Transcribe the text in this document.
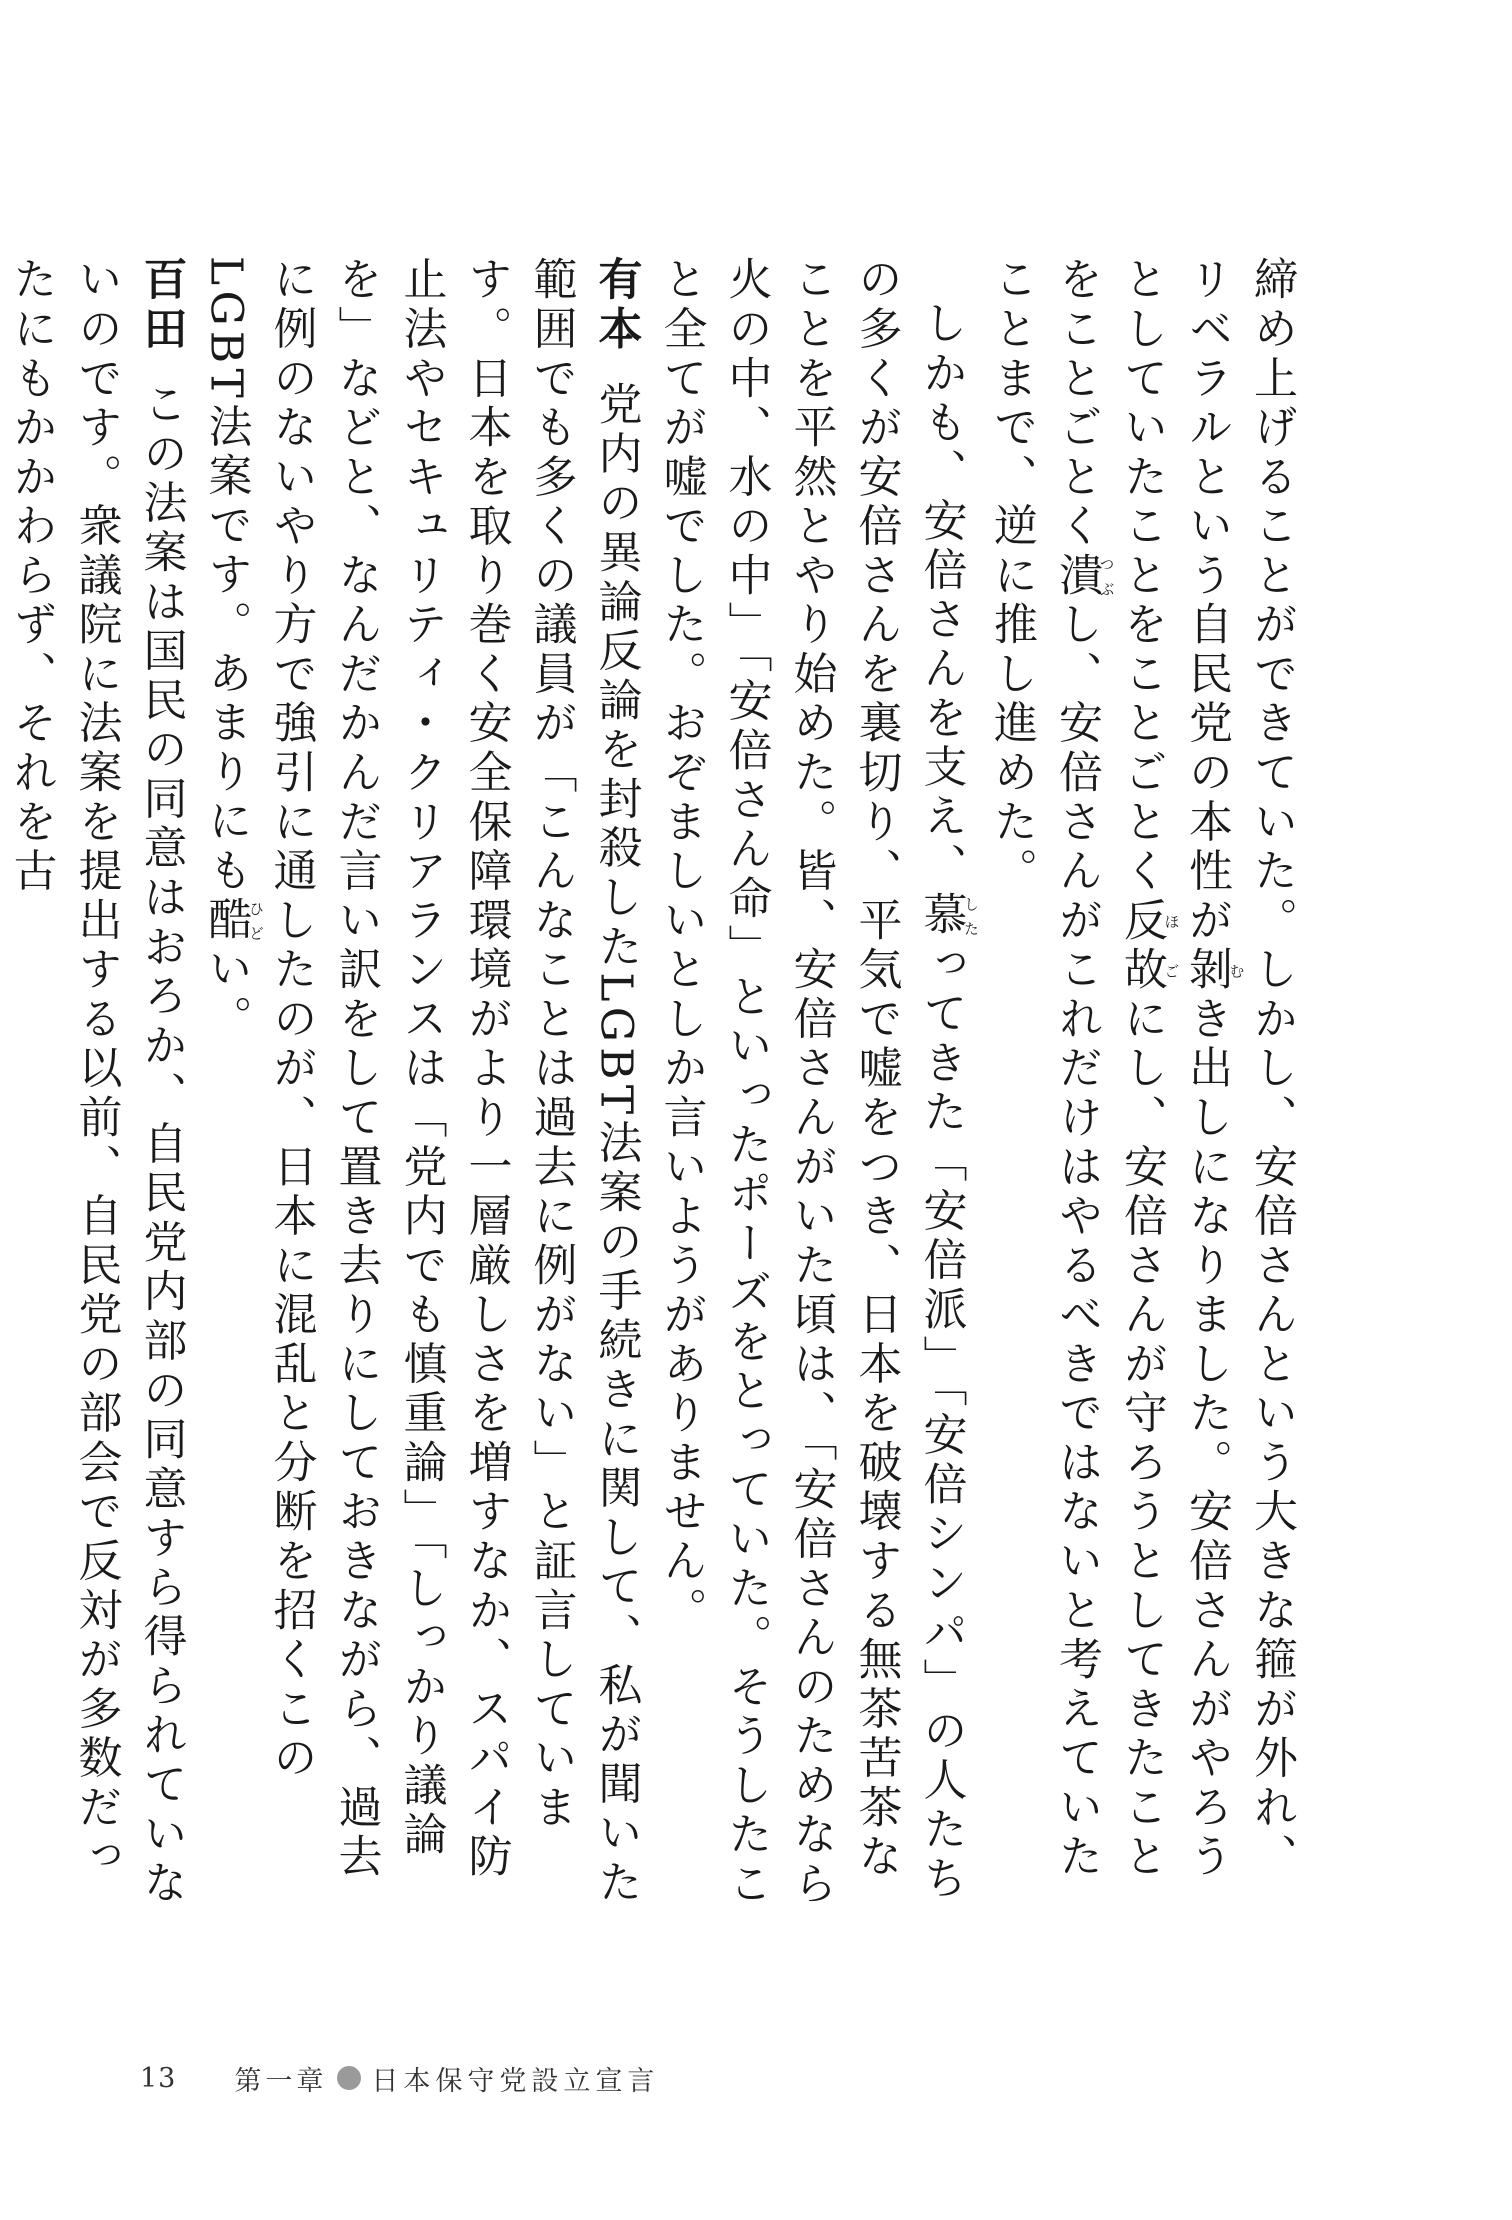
締め上げることができていた。しかし、安倍さんという大きな箍が外れ、リベラルという自民党の本性が剝むき出しになりました。安倍さんがやろうとしていたことをことごとく反ほ故ごにし、安倍さんが守ろうとしてきたことをことごとく潰つぶし、安倍さんがこれだけはやるべきではないと考えていたことまで、逆に推し進めた。
しかも、安倍さんを支え、慕したってきた「安倍派」「安倍シンパ」の人たちの多くが安倍さんを裏切り、平気で嘘をつき、日本を破壊する無茶苦茶なことを平然とやり始めた。皆、安倍さんがいた頃は、「安倍さんのためなら火の中、水の中」「安倍さん命」といったポーズをとっていた。そうしたこと全てが嘘でした。おぞましいとしか言いようがありません。
有本党内の異論反論を封殺したLGBT法案の手続きに関して、私が聞いた範囲でも多くの議員が「こんなことは過去に例がない」と証言しています。日本を取り巻く安全保障環境がより一層厳しさを増すなか、スパイ防止法やセキュリティ・クリアランスは「党内でも慎重論」「しっかり議論を」などと、なんだかんだ言い訳をして置き去りにしておきながら、過去に例のないやり方で強引に通したのが、日本に混乱と分断を招くこのLGBT法案です。あまりにも酷ひどい。
百田この法案は国民の同意はおろか、自民党内部の同意すら得られていないのです。衆議院に法案を提出する以前、自民党の部会で反対が多数だったにもかかわらず、それを古
13 第一章 日本保守党設立宣言
